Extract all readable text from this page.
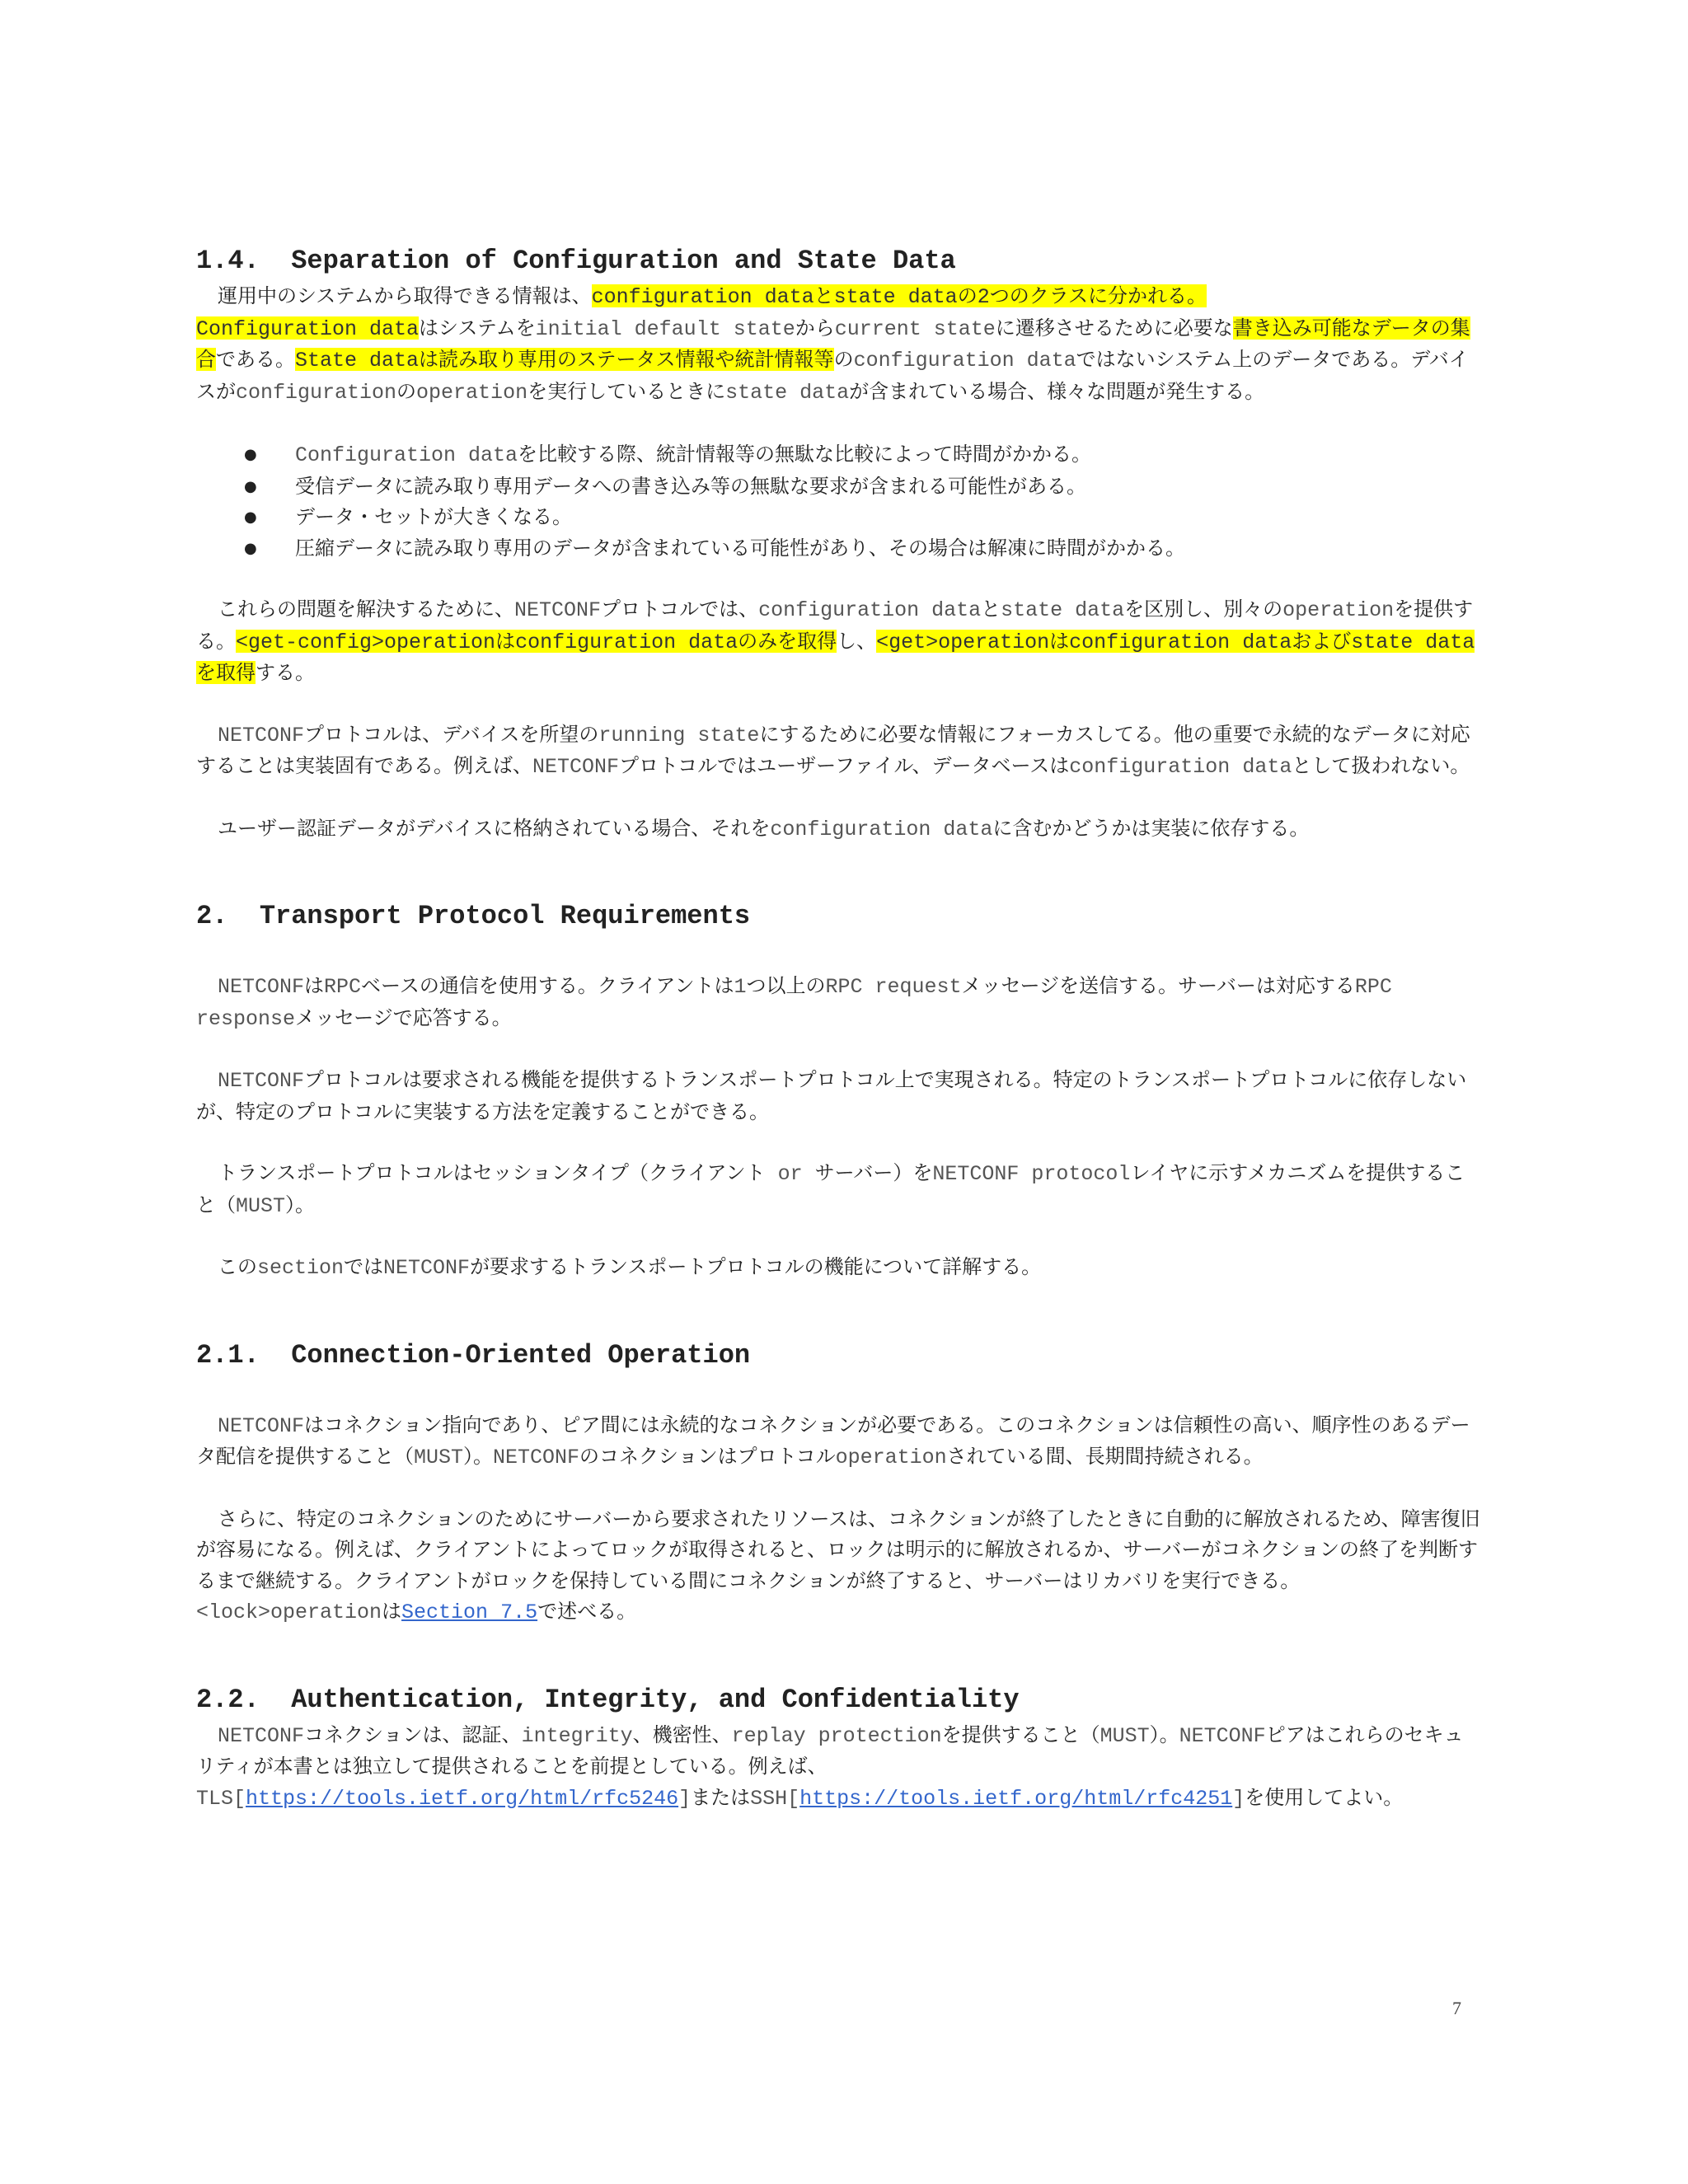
1.4.  Separation of Configuration and State Data

運用中のシステムから取得できる情報は、configuration dataとstate dataの2つのクラスに分かれる。
Configuration dataはシステムをinitial default stateからcurrent stateに遷移させるために必要な書き込み可能なデータの集合である。State dataは読み取り専用のステータス情報や統計情報等のconfiguration dataではないシステム上のデータである。デバイスがconfigurationのoperationを実行しているときにstate dataが含まれている場合、様々な問題が発生する。

● Configuration dataを比較する際、統計情報等の無駄な比較によって時間がかかる。
● 受信データに読み取り専用データへの書き込み等の無駄な要求が含まれる可能性がある。
● データ・セットが大きくなる。
● 圧縮データに読み取り専用のデータが含まれている可能性があり、その場合は解凍に時間がかかる。

これらの問題を解決するために、NETCONFプロトコルでは、configuration dataとstate dataを区別し、別々のoperationを提供する。<get-config>operationはconfiguration dataのみを取得し、<get>operationはconfiguration dataおよびstate dataを取得する。

NETCONFプロトコルは、デバイスを所望のrunning stateにするために必要な情報にフォーカスしてる。他の重要で永続的なデータに対応することは実装固有である。例えば、NETCONFプロトコルではユーザーファイル、データベースはconfiguration dataとして扱われない。

ユーザー認証データがデバイスに格納されている場合、それをconfiguration dataに含むかどうかは実装に依存する。

2.  Transport Protocol Requirements

NETCONFはRPCベースの通信を使用する。クライアントは1つ以上のRPC requestメッセージを送信する。サーバーは対応するRPC responseメッセージで応答する。

NETCONFプロトコルは要求される機能を提供するトランスポートプロトコル上で実現される。特定のトランスポートプロトコルに依存しないが、特定のプロトコルに実装する方法を定義することができる。

トランスポートプロトコルはセッションタイプ（クライアント or サーバー）をNETCONF protocolレイヤに示すメカニズムを提供すること（MUST）。

このsectionではNETCONFが要求するトランスポートプロトコルの機能について詳解する。

2.1.  Connection-Oriented Operation

NETCONFはコネクション指向であり、ピア間には永続的なコネクションが必要である。このコネクションは信頼性の高い、順序性のあるデータ配信を提供すること（MUST）。NETCONFのコネクションはプロトコルoperationされている間、長期間持続される。

さらに、特定のコネクションのためにサーバーから要求されたリソースは、コネクションが終了したときに自動的に解放されるため、障害復旧が容易になる。例えば、クライアントによってロックが取得されると、ロックは明示的に解放されるか、サーバーがコネクションの終了を判断するまで継続する。クライアントがロックを保持している間にコネクションが終了すると、サーバーはリカバリを実行できる。<lock>operationはSection 7.5で述べる。

2.2.  Authentication, Integrity, and Confidentiality

NETCONFコネクションは、認証、integrity、機密性、replay protectionを提供すること（MUST）。NETCONFピアはこれらのセキュリティが本書とは独立して提供されることを前提としている。例えば、
TLS[https://tools.ietf.org/html/rfc5246]またはSSH[https://tools.ietf.org/html/rfc4251]を使用してよい。

7
